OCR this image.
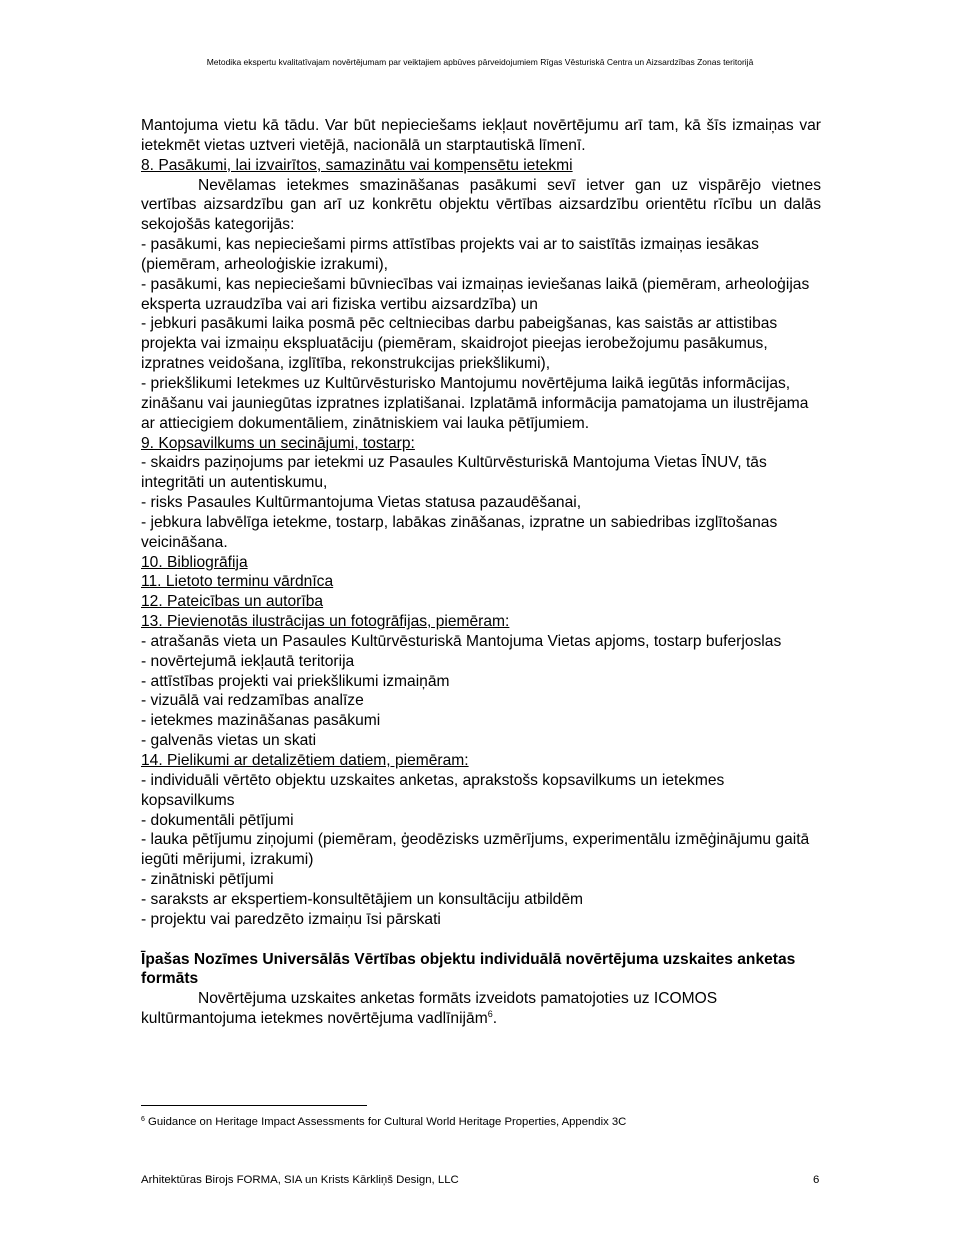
Metodika ekspertu kvalitatīvajam novērtējumam par veiktajiem apbūves pārveidojumiem Rīgas Vēsturiskā Centra un Aizsardzības Zonas teritorijā

Mantojuma vietu kā tādu. Var būt nepieciešams iekļaut novērtējumu arī tam, kā šīs izmaiņas var ietekmēt vietas uztveri vietējā, nacionālā un starptautiskā līmenī.

8. Pasākumi, lai izvairītos, samazinātu vai kompensētu ietekmi

Nevēlamas ietekmes smazināšanas pasākumi sevī ietver gan uz vispārējo vietnes vertības aizsardzību gan arī uz konkrētu objektu vērtības aizsardzību orientētu rīcību un dalās sekojošās kategorijās:

- pasākumi, kas nepieciešami pirms attīstības projekts vai ar to saistītās izmaiņas iesākas (piemēram, arheoloģiskie izrakumi),

- pasākumi, kas nepieciešami būvniecības vai izmaiņas ieviešanas laikā (piemēram, arheoloģijas eksperta uzraudzība vai ari fiziska vertibu aizsardzība) un

- jebkuri pasākumi laika posmā pēc celtniecibas darbu pabeigšanas, kas saistās ar attistibas projekta vai izmaiņu ekspluatāciju (piemēram, skaidrojot pieejas ierobežojumu pasākumus, izpratnes veidošana, izglītība, rekonstrukcijas priekšlikumi),

- priekšlikumi Ietekmes uz Kultūrvēsturisko Mantojumu novērtējuma laikā iegūtās informācijas, zināšanu vai jauniegūtas izpratnes izplatišanai. Izplatāmā informācija pamatojama un ilustrējama ar attiecigiem dokumentāliem, zinātniskiem vai lauka pētījumiem.

9. Kopsavilkums un secinājumi, tostarp:

- skaidrs paziņojums par ietekmi uz Pasaules Kultūrvēsturiskā Mantojuma Vietas ĪNUV, tās integritāti un autentiskumu,

- risks Pasaules Kultūrmantojuma Vietas statusa pazaudēšanai,

- jebkura labvēlīga ietekme, tostarp, labākas zināšanas, izpratne un sabiedribas izglītošanas veicināšana.

10. Bibliogrāfija

11. Lietoto terminu vārdnīca

12. Pateicības un autorība

13. Pievienotās ilustrācijas un fotogrāfijas, piemēram:

- atrašanās vieta un Pasaules Kultūrvēsturiskā Mantojuma Vietas apjoms, tostarp buferjoslas

- novērtejumā iekļautā teritorija

- attīstības projekti vai priekšlikumi izmaiņām

- vizuālā vai redzamības analīze

- ietekmes mazināšanas pasākumi

- galvenās vietas un skati

14. Pielikumi ar detalizētiem datiem, piemēram:

- individuāli vērtēto objektu uzskaites anketas, aprakstošs kopsavilkums un ietekmes kopsavilkums

- dokumentāli pētījumi

- lauka pētījumu ziņojumi (piemēram, ģeodēzisks uzmērījums, experimentālu izmēģinājumu gaitā iegūti mērijumi, izrakumi)

- zinātniski pētījumi

- saraksts ar ekspertiem-konsultētājiem un konsultāciju atbildēm

- projektu vai paredzēto izmaiņu īsi pārskati

Īpašas Nozīmes Universālās Vērtības objektu individuālā novērtējuma uzskaites anketas formāts

Novērtējuma uzskaites anketas formāts izveidots pamatojoties uz ICOMOS kultūrmantojuma ietekmes novērtējuma vadlīnijām$^6$.

$^6$ Guidance on Heritage Impact Assessments for Cultural World Heritage Properties, Appendix 3C
Arhitektūras Birojs FORMA, SIA un Krists Kārkliņš Design, LLC	6
